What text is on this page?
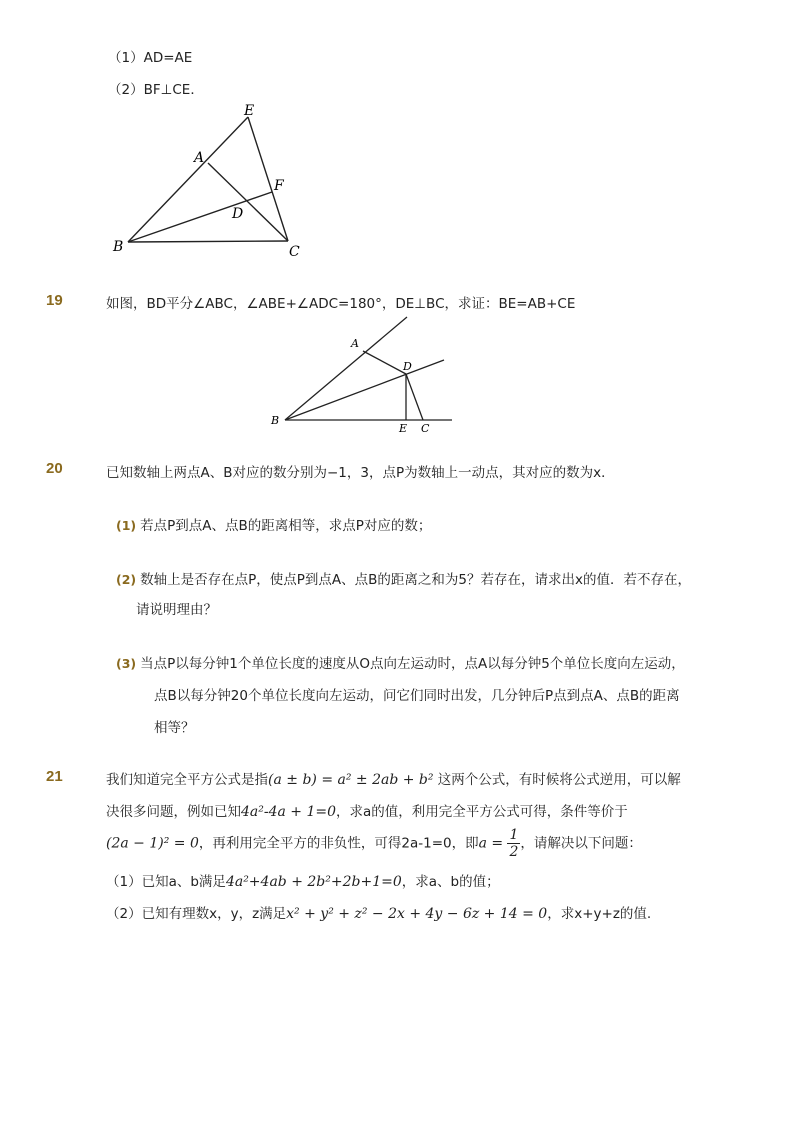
（1）AD=AE
（2）BF⊥CE．
E
A
F
D
B	C
19	如图，BD平分∠ABC，∠ABE+∠ADC=180°，DE⊥BC，求证：BE=AB+CE
A
D
B
E C
20	已知数轴上两点A、B对应的数分别为−1，3，点P为数轴上一动点，其对应的数为x．
(1) 若点P到点A、点B的距离相等，求点P对应的数；
(2) 数轴上是否存在点P，使点P到点A、点B的距离之和为5？若存在，请求出x的值．若不存在，
请说明理由？
(3) 当点P以每分钟1个单位长度的速度从O点向左运动时，点A以每分钟5个单位长度向左运动，
点B以每分钟20个单位长度向左运动，问它们同时出发，几分钟后P点到点A、点B的距离
相等？
21	我们知道完全平方公式是指(a ± b) = a² ± 2ab + b² 这两个公式，有时候将公式逆用，可以解
决很多问题，例如已知4a²-4a + 1=0，求a的值，利用完全平方公式可得，条件等价于
(2a − 1)² = 0，再利用完全平方的非负性，可得2a-1=0，即$a = \frac{1}{2}$ ，请解决以下问题：
（1）已知a、b满足4a²+4ab + 2b²+2b+1=0，求a、b的值；
（2）已知有理数x，y，z满足x² + y² + z² − 2x + 4y − 6z + 14 = 0，求x+y+z的值.
